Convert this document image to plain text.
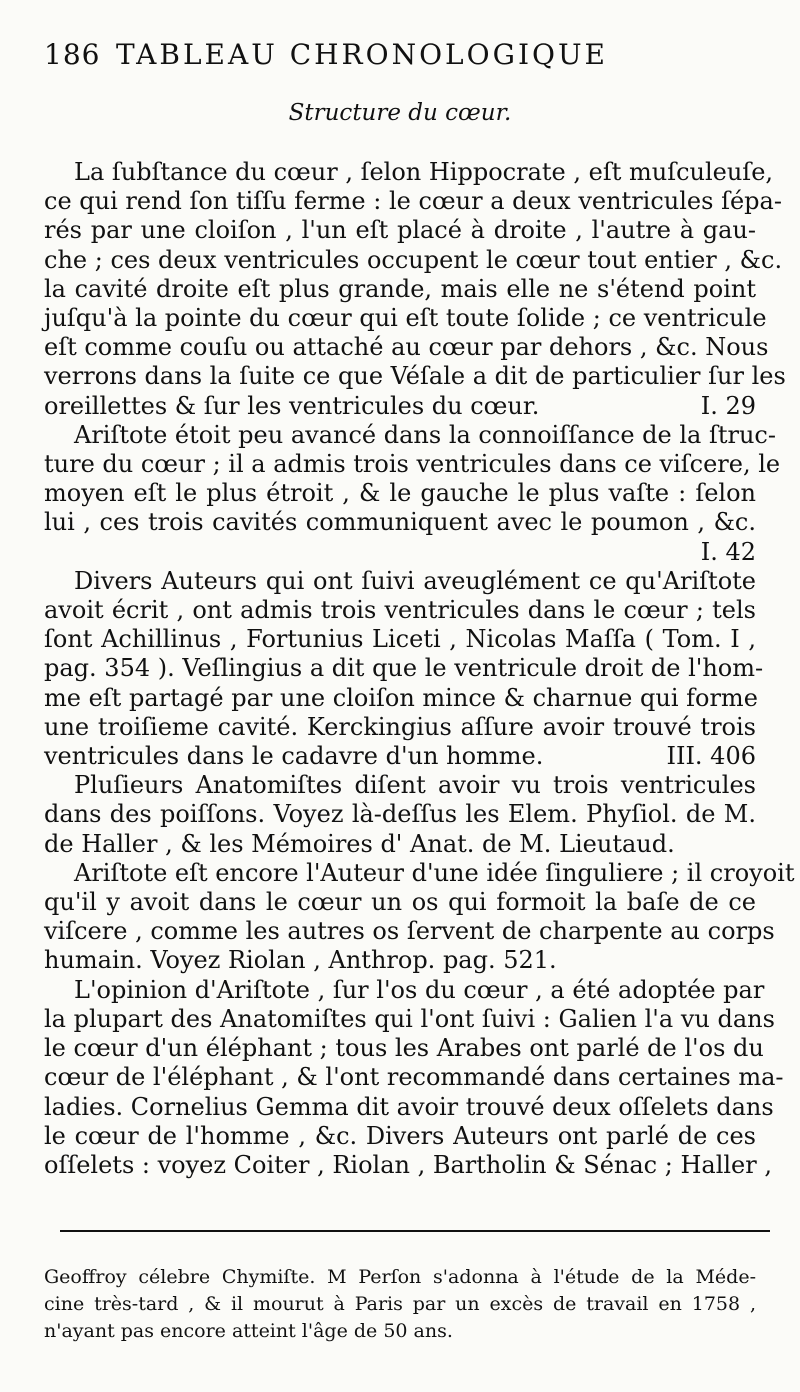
186 TABLEAU CHRONOLOGIQUE
Structure du cœur.
La ſubſtance du cœur , ſelon Hippocrate , eſt muſculeuſe,
ce qui rend ſon tiſſu ferme : le cœur a deux ventricules ſépa-
rés par une cloiſon , l'un eſt placé à droite , l'autre à gau-
che ; ces deux ventricules occupent le cœur tout entier , &c.
la cavité droite eſt plus grande, mais elle ne s'étend point
juſqu'à la pointe du cœur qui eſt toute ſolide ; ce ventricule
eſt comme couſu ou attaché au cœur par dehors , &c. Nous
verrons dans la ſuite ce que Véſale a dit de particulier ſur les
oreillettes & ſur les ventricules du cœur.	I. 29
Ariſtote étoit peu avancé dans la connoiſſance de la ſtruc-
ture du cœur ; il a admis trois ventricules dans ce viſcere, le
moyen eſt le plus étroit , & le gauche le plus vaſte : ſelon
lui , ces trois cavités communiquent avec le poumon , &c.
I. 42
Divers Auteurs qui ont ſuivi aveuglément ce qu'Ariſtote
avoit écrit , ont admis trois ventricules dans le cœur ; tels
ſont Achillinus , Fortunius Liceti , Nicolas Maſſa ( Tom. I ,
pag. 354 ). Veſlingius a dit que le ventricule droit de l'hom-
me eſt partagé par une cloiſon mince & charnue qui forme
une troiſieme cavité. Kerckingius aſſure avoir trouvé trois
ventricules dans le cadavre d'un homme.	III. 406
Pluſieurs Anatomiſtes diſent avoir vu trois ventricules
dans des poiſſons. Voyez là-deſſus les Elem. Phyſiol. de M.
de Haller , & les Mémoires d' Anat. de M. Lieutaud.
Ariſtote eſt encore l'Auteur d'une idée ſinguliere ; il croyoit
qu'il y avoit dans le cœur un os qui formoit la baſe de ce
viſcere , comme les autres os ſervent de charpente au corps
humain. Voyez Riolan , Anthrop. pag. 521.
L'opinion d'Ariſtote , ſur l'os du cœur , a été adoptée par
la plupart des Anatomiſtes qui l'ont ſuivi : Galien l'a vu dans
le cœur d'un éléphant ; tous les Arabes ont parlé de l'os du
cœur de l'éléphant , & l'ont recommandé dans certaines ma-
ladies. Cornelius Gemma dit avoir trouvé deux oſſelets dans
le cœur de l'homme , &c. Divers Auteurs ont parlé de ces
oſſelets : voyez Coiter , Riolan , Bartholin & Sénac ; Haller ,
Geoffroy célebre Chymiſte. M Perſon s'adonna à l'étude de la Méde-
cine très-tard , & il mourut à Paris par un excès de travail en 1758 ,
n'ayant pas encore atteint l'âge de 50 ans.
